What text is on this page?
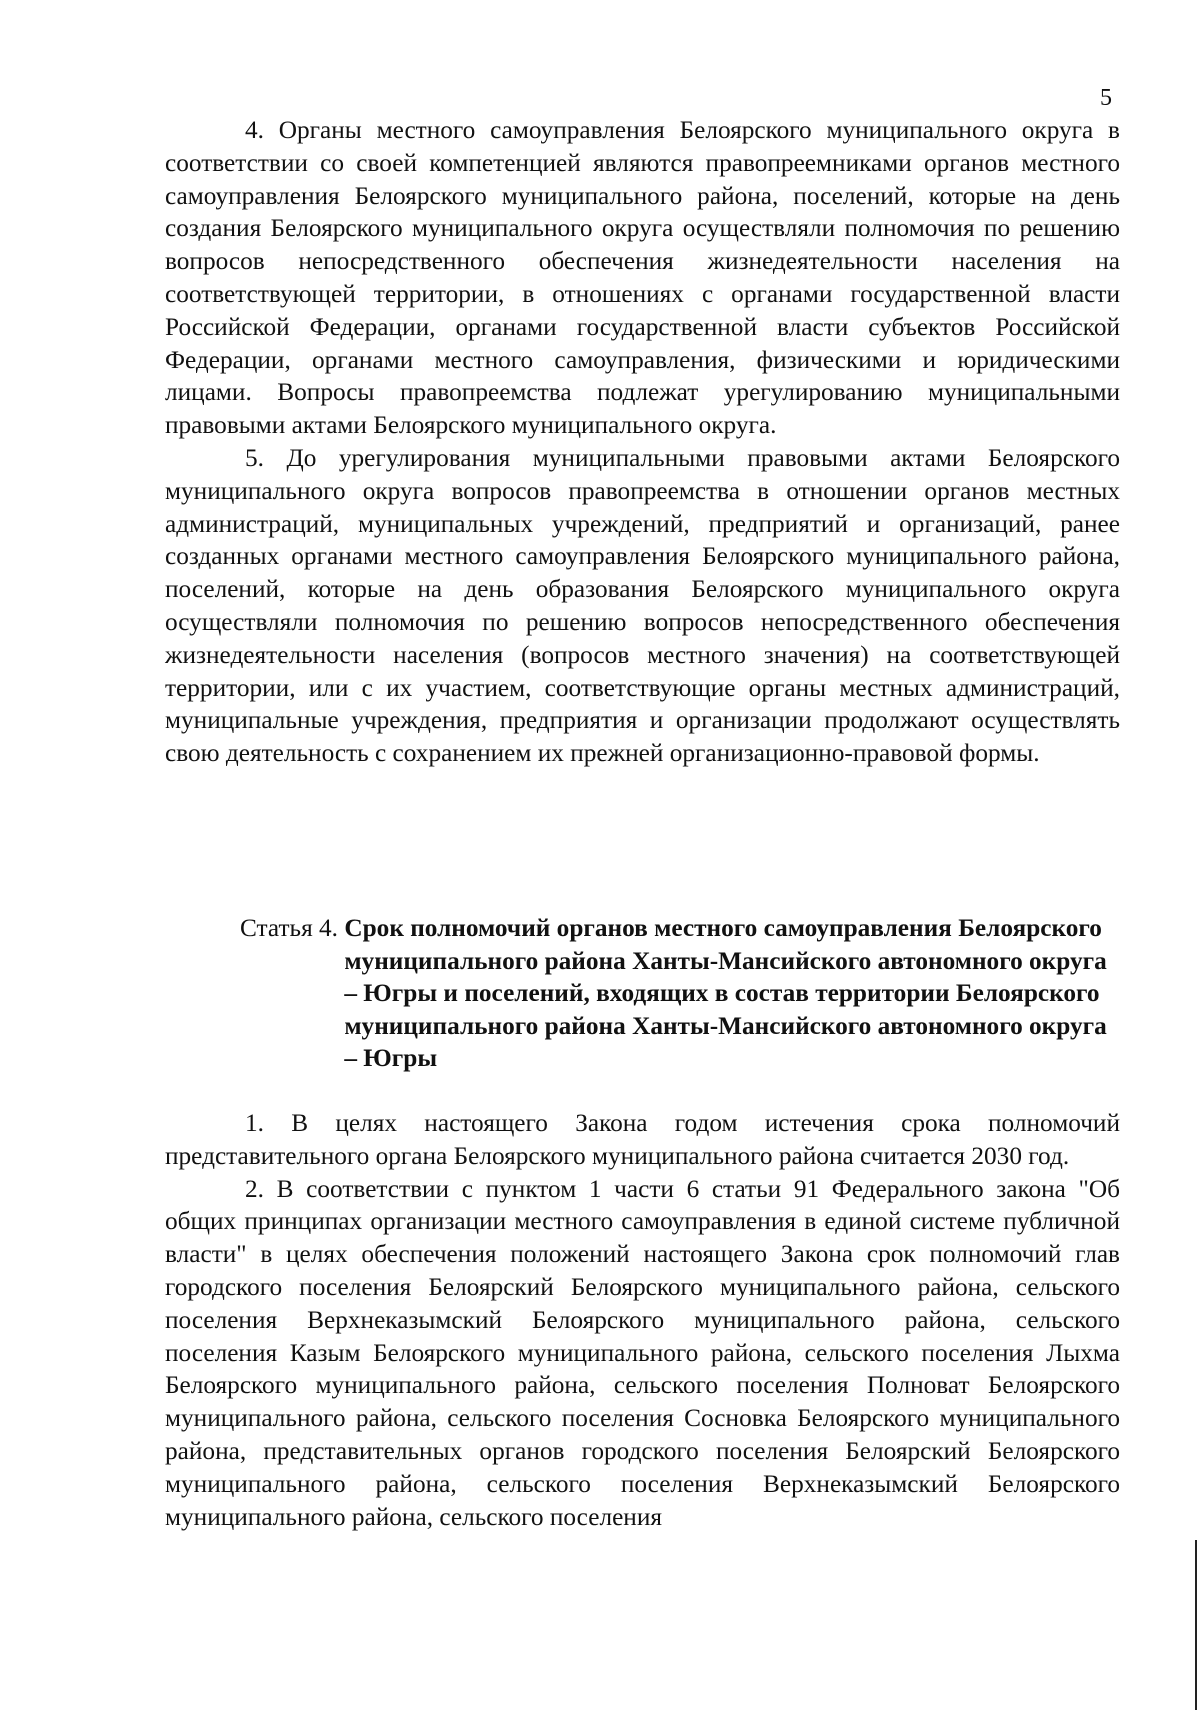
5

4. Органы местного самоуправления Белоярского муниципального округа в соответствии со своей компетенцией являются правопреемниками органов местного самоуправления Белоярского муниципального района, поселений, которые на день создания Белоярского муниципального округа осуществляли полномочия по решению вопросов непосредственного обеспечения жизнедеятельности населения на соответствующей территории, в отношениях с органами государственной власти Российской Федерации, органами государственной власти субъектов Российской Федерации, органами местного самоуправления, физическими и юридическими лицами. Вопросы правопреемства подлежат урегулированию муниципальными правовыми актами Белоярского муниципального округа.

5. До урегулирования муниципальными правовыми актами Белоярского муниципального округа вопросов правопреемства в отношении органов местных администраций, муниципальных учреждений, предприятий и организаций, ранее созданных органами местного самоуправления Белоярского муниципального района, поселений, которые на день образования Белоярского муниципального округа осуществляли полномочия по решению вопросов непосредственного обеспечения жизнедеятельности населения (вопросов местного значения) на соответствующей территории, или с их участием, соответствующие органы местных администраций, муниципальные учреждения, предприятия и организации продолжают осуществлять свою деятельность с сохранением их прежней организационно-правовой формы.

Статья 4. Срок полномочий органов местного самоуправления Белоярского муниципального района Ханты-Мансийского автономного округа – Югры и поселений, входящих в состав территории Белоярского муниципального района Ханты-Мансийского автономного округа – Югры

1. В целях настоящего Закона годом истечения срока полномочий представительного органа Белоярского муниципального района считается 2030 год.

2. В соответствии с пунктом 1 части 6 статьи 91 Федерального закона "Об общих принципах организации местного самоуправления в единой системе публичной власти" в целях обеспечения положений настоящего Закона срок полномочий глав городского поселения Белоярский Белоярского муниципального района, сельского поселения Верхнеказымский Белоярского муниципального района, сельского поселения Казым Белоярского муниципального района, сельского поселения Лыхма Белоярского муниципального района, сельского поселения Полноват Белоярского муниципального района, сельского поселения Сосновка Белоярского муниципального района, представительных органов городского поселения Белоярский Белоярского муниципального района, сельского поселения Верхнеказымский Белоярского муниципального района, сельского поселения
